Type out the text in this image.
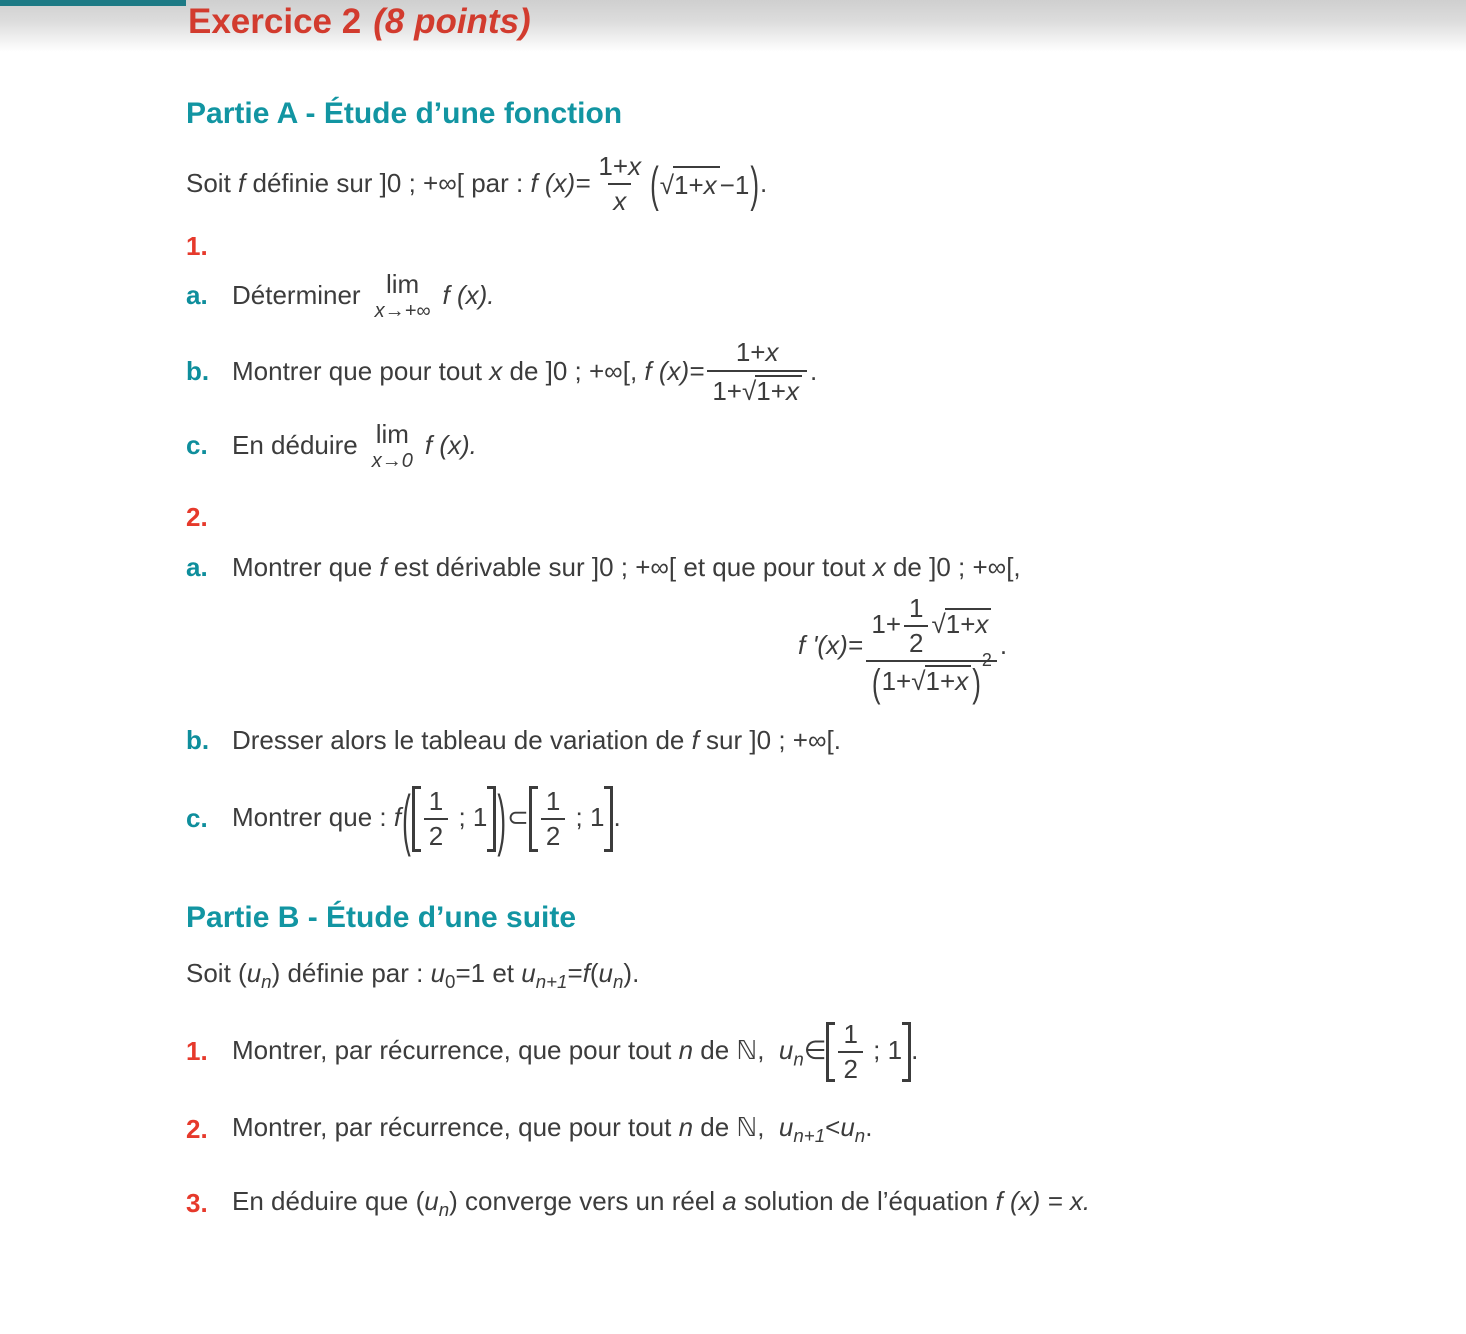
Exercice 2 (8 points)
Partie A - Étude d’une fonction
Soit f définie sur ]0 ; +∞[ par : f $(x)= \frac{1+x}{x}$ ( √1+x −1 ) .
1.
a. Déterminer lim
x→+∞
f (x).
b. Montrer que pour tout x de ]0 ; +∞[, f $(x)= \frac{1+x}{1+√1+x}$ .
c. En déduire lim
x→0
f (x).
2.
a. Montrer que f est dérivable sur ]0 ; +∞[ et que pour tout x de ]0 ; +∞[,
f '$(x)= \frac{1+ \frac{1}{2} √1+x}{(1+√1+x )^2}$ .
b. Dresser alors le tableau de variation de f sur ]0 ; +∞[.
c. Montrer que : $f( \frac{1}{2}$ ; 1 )⊂ $\frac{1}{2}$ ; 1 .
Partie B - Étude d’une suite
Soit $(u_n)$ définie par : $u_0=1$ et $u_{n+1}=f(u_n)$.
1. Montrer, par récurrence, que pour tout n de ℕ, $u_n\in \frac{1}{2}$ ; 1 .
2. Montrer, par récurrence, que pour tout n de ℕ, $u_{n+1}<u_n$.
3. En déduire que $(u_n)$ converge vers un réel a solution de l’équation f (x) = x.
